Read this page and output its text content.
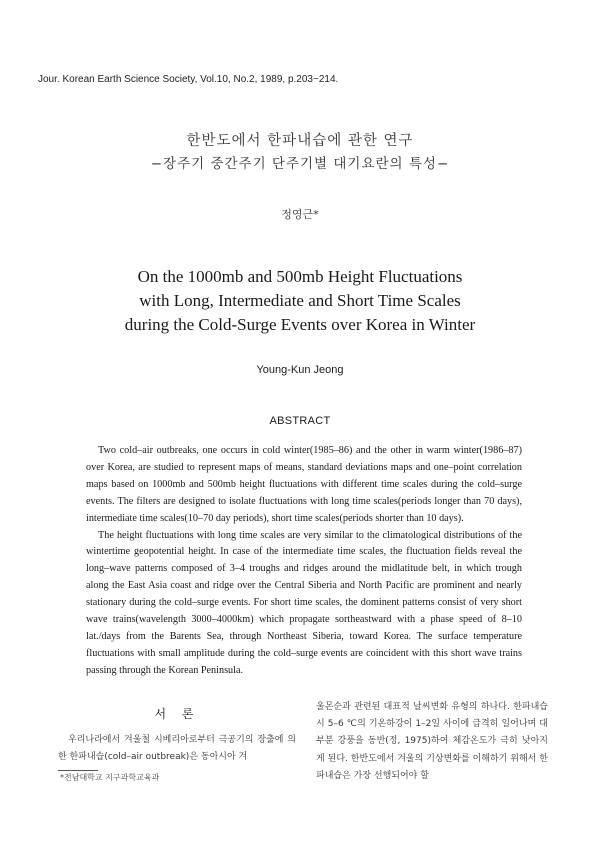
Jour. Korean Earth Science Society, Vol.10, No.2, 1989, p.203~214.
한반도에서 한파내습에 관한 연구
−장주기 중간주기 단주기별 대기요란의 특성−
정영근*
On the 1000mb and 500mb Height Fluctuations
with Long, Intermediate and Short Time Scales
during the Cold-Surge Events over Korea in Winter
Young-Kun Jeong
ABSTRACT

Two cold–air outbreaks, one occurs in cold winter(1985–86) and the other in warm winter(1986–87) over Korea, are studied to represent maps of means, standard deviations maps and one–point correlation maps based on 1000mb and 500mb height fluctuations with different time scales during the cold–surge events. The filters are designed to isolate fluctuations with long time scales(periods longer than 70 days), intermediate time scales(10–70 day periods), short time scales(periods shorter than 10 days).

The height fluctuations with long time scales are very similar to the climatological distributions of the wintertime geopotential height. In case of the intermediate time scales, the fluctuation fields reveal the long–wave patterns composed of 3–4 troughs and ridges around the midlatitude belt, in which trough along the East Asia coast and ridge over the Central Siberia and North Pacific are prominent and nearly stationary during the cold–surge events. For short time scales, the dominent patterns consist of very short wave trains(wavelength 3000–4000km) which propagate sortheastward with a phase speed of 8–10 lat./days from the Barents Sea, through Northeast Siberia, toward Korea. The surface temperature fluctuations with small amplitude during the cold–surge events are coincident with this short wave trains passing through the Korean Peninsula.

서 론

우리나라에서 겨울철 시베리아로부터 극공기의 장출에 의한 한파내습(cold–air outbreak)은 동아시아 겨

*전남대학교 지구과학교육과

울몬순과 관련된 대표적 날씨변화 유형의 하나다. 한파내습시 5–6 ℃의 기온하강이 1–2일 사이에 급격히 일어나며 대부분 강풍을 동반(정, 1975)하여 체감온도가 극히 낮아지게 된다. 한반도에서 겨울의 기상변화를 이해하기 위해서 한파내습은 가장 선행되어야 할
